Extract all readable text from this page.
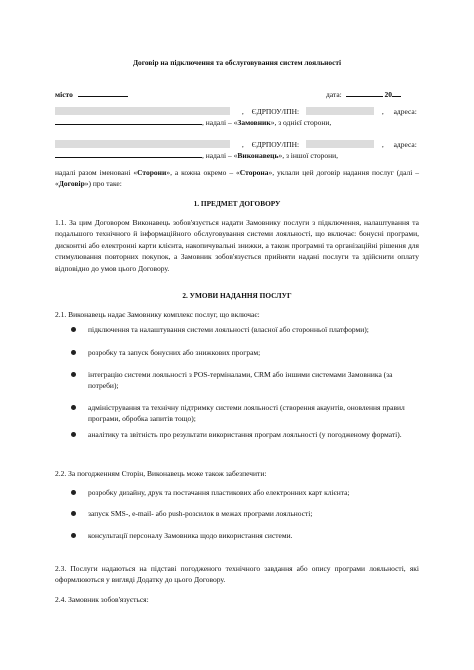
Договір на підключення та обслуговування систем лояльності
місто	дата:	20
, ЄДРПОУ/ІПН:	, адреса:
, надалі – «Замовник», з однієї сторони,
, ЄДРПОУ/ІПН:	, адреса:
, надалі – «Виконавець», з іншої сторони,
надалі разом іменовані «Сторони», а кожна окремо – «Сторона», уклали цей договір надання послуг (далі – «Договір») про таке:
1. ПРЕДМЕТ ДОГОВОРУ
1.1. За цим Договором Виконавець зобов'язується надати Замовнику послуги з підключення, налаштування та подальшого технічного й інформаційного обслуговування системи лояльності, що включає: бонусні програми, дисконтні або електронні карти клієнта, накопичувальні знижки, а також програмні та організаційні рішення для стимулювання повторних покупок, а Замовник зобов'язується прийняти надані послуги та здійснити оплату відповідно до умов цього Договору.
2. УМОВИ НАДАННЯ ПОСЛУГ
2.1. Виконавець надає Замовнику комплекс послуг, що включає:
підключення та налаштування системи лояльності (власної або сторонньої платформи);
розробку та запуск бонусних або знижкових програм;
інтеграцію системи лояльності з POS-терміналами, CRM або іншими системами Замовника (за потреби);
адміністрування та технічну підтримку системи лояльності (створення акаунтів, оновлення правил програми, обробка запитів тощо);
аналітику та звітність про результати використання програм лояльності (у погодженому форматі).
2.2. За погодженням Сторін, Виконавець може також забезпечити:
розробку дизайну, друк та постачання пластикових або електронних карт клієнта;
запуск SMS-, e-mail- або push-розсилок в межах програми лояльності;
консультації персоналу Замовника щодо використання системи.
2.3. Послуги надаються на підставі погодженого технічного завдання або опису програми лояльності, які оформлюються у вигляді Додатку до цього Договору.
2.4. Замовник зобов'язується:
